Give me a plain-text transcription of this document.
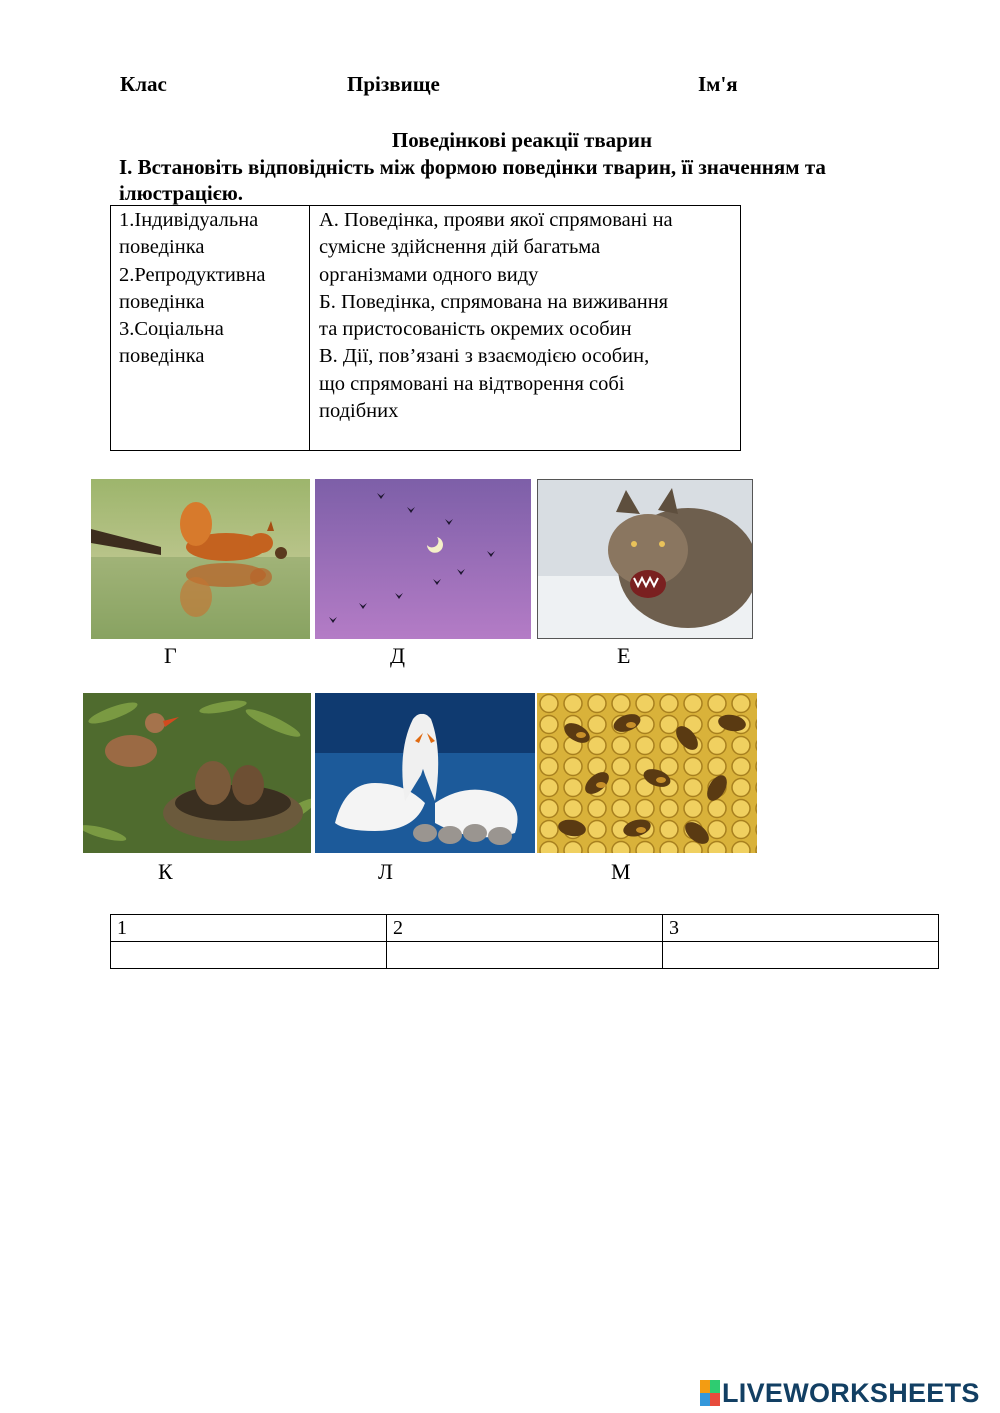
Клас	Прізвище	Ім'я
Поведінкові реакції тварин
І. Встановіть відповідність між формою поведінки тварин, її значенням та
ілюстрацією.
1.Індивідуальна
поведінка
2.Репродуктивна
поведінка
3.Соціальна
поведінка

А. Поведінка, прояви якої спрямовані на
сумісне здійснення дій багатьма
організмами одного виду
Б. Поведінка, спрямована на виживання
та пристосованість окремих особин
В. Дії, пов’язані з взаємодією особин,
що спрямовані на відтворення собі
подібних
Г	Д	Е
К	Л	М
1	2	3

LIVEWORKSHEETS
